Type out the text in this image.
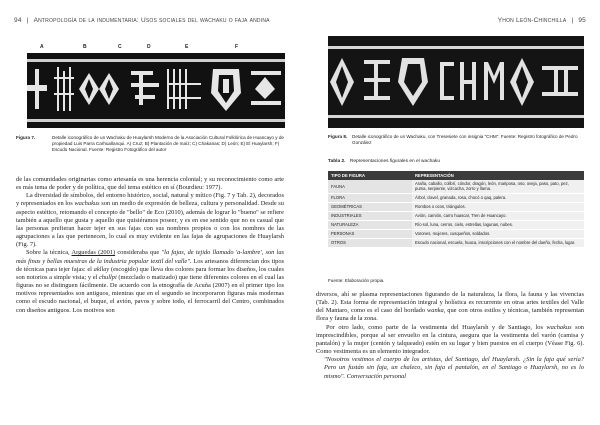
94 | Antropología de la indumentaria: Usos sociales del wachaku o faja andina
A	B	C	D	E	F
Figura 7.	Detalle iconográfico de un Wachaku de Huaylarsh Moderno de la Asociación Cultural Folklórica de Huancayo y de propiedad Luis Parra Carhuallanqui. A) Cruz; B) Plantación de maíz; C) Chakanas; D) León; E) El Huaylarsh; F) Escudo Nacional. Fuente: Registro Fotográfico del autor

de las comunidades originarias como artesanía es una herencia colonial; y su reconocimiento como arte es más tema de poder y de política, que del tema estético en sí (Bourdieu: 1977).

La diversidad de símbolos, del entorno histórico, social, natural y mítico (Fig. 7 y Tab. 2), decorados y representados en los wachakus son un medio de expresión de belleza, cultura y personalidad. Desde su aspecto estético, retomando el concepto de "bello" de Eco (2010), además de lograr lo "bueno" se refiere también a aquello que gusta y aquello que quisiéramos poseer, y es en ese sentido que no es casual que las personas prefieran hacer tejer en sus fajas con sus nombres propios o con los nombres de las agrupaciones a las que pertenecen, lo cual es muy evidente en las fajas de agrupaciones de Huaylarsh (Fig. 7).

Sobre la técnica, Arguedas (2001) consideraba que "la fajas, de tejido llamado 'a-lambre', son las más finas y bellas muestras de la industria popular textil del valle". Los artesanos diferencian dos tipos de técnicas para tejer fajas: el akllay (escogido) que lleva dos colores para formar los diseños, los cuales son notorios a simple vista; y el chullpi (mezclado o matizado) que tiene diferentes colores en el cual las figuras no se distinguen fácilmente. De acuerdo con la etnografía de Acuña (2007) en el primer tipo los motivos representados son antiguos, mientras que en el segundo se incorporaron figuras más modernas como el escudo nacional, el buque, el avión, pavos y sobre todo, el ferrocarril del Centro, combinados con diseños antiguos. Los motivos son

Yhon León-Chinchilla | 95
Figura 8. Detalle iconográfico de un Wachaku, con Tresesiete con insignia "CHM". Fuente: Registro fotográfico de Pedro González
Tabla 2. Representaciones figurales en el wachaku
TIPO DE FIGURA	REPRESENTACIÓN
FAUNA	Araña, caballo, colibrí, cóndor, dragón, león, mariposa, oso, oveja, paso, pato, pez, puma, serpiente, vizcacha, zorro y llama.
FLORA	Árbol, clavel, granada, rosa, chocó o qaq, palera.
GEOMÉTRICAS	Rombos o ocos, triángulos.
INDUSTRIALES	Avión, camión, carro huascar, Tren de Huancayo.
NATURALEZA	Río sol, luna, cerros, cielo, estrellas, lagunas, nubes.
PERSONAS	Varones, mujeres, cusqueños, soldados.
OTROS	Escudo nacional, escuela, huaca, inscripciones con el nombre del dueño, fecha, lugar.
Fuente: Elaboración propia.

diversos, ahí se plasma representaciones figurando de la naturaleza, la flora, la fauna y las vivencias (Tab. 2). Esta forma de representación integral y holística es recurrente en otras artes textiles del Valle del Mantaro, como es el caso del bordado wanka, que con otros estilos y técnicas, también representan flora y fauna de la zona.

Por otro lado, como parte de la vestimenta del Huaylarsh y de Santiago, los wachakus son imprescindibles, porque al ser envuelto en la cintura, asegura que la vestimenta del varón (camisa y pantalón) y la mujer (centón y talqueado) estén en su lugar y bien puestos en el cuerpo (Véase Fig. 6). Como vestimenta es un elemento integrador.

"Nosotros vestimos el cuerpo de los artistas, del Santiago, del Huaylarsh. ¿Sin la faja qué sería? Pero un fustán sin faja, un chaleco, sin faja el pantalón, en el Santiago o Huaylarsh, no es lo mismo". Conversación personal
